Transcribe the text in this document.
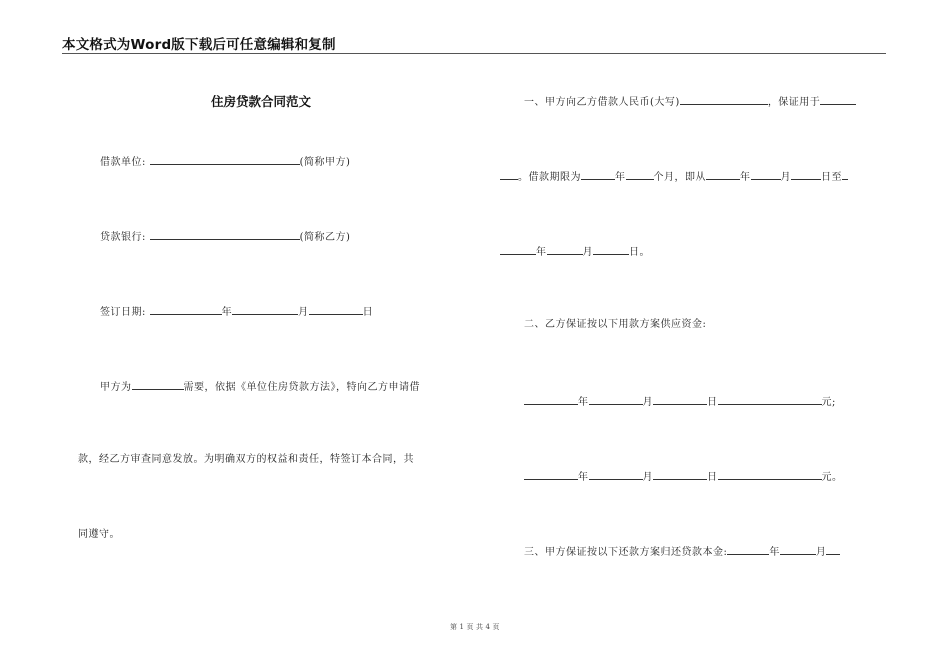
本文格式为Word版下载后可任意编辑和复制
住房贷款合同范文
借款单位:	(简称甲方)
贷款银行:	(简称乙方)
签订日期:	年	月	日
甲方为	需要，依据《单位住房贷款方法》，特向乙方申请借
款，经乙方审查同意发放。为明确双方的权益和责任，特签订本合同，共
同遵守。
一、甲方向乙方借款人民币(大写)	，保证用于
。借款期限为	年	个月，即从	年	月	日至
年	月	日。
二、乙方保证按以下用款方案供应资金:
年	月	日	元;
年	月	日	元。
三、甲方保证按以下还款方案归还贷款本金:	年	月
第 1 页 共 4 页
